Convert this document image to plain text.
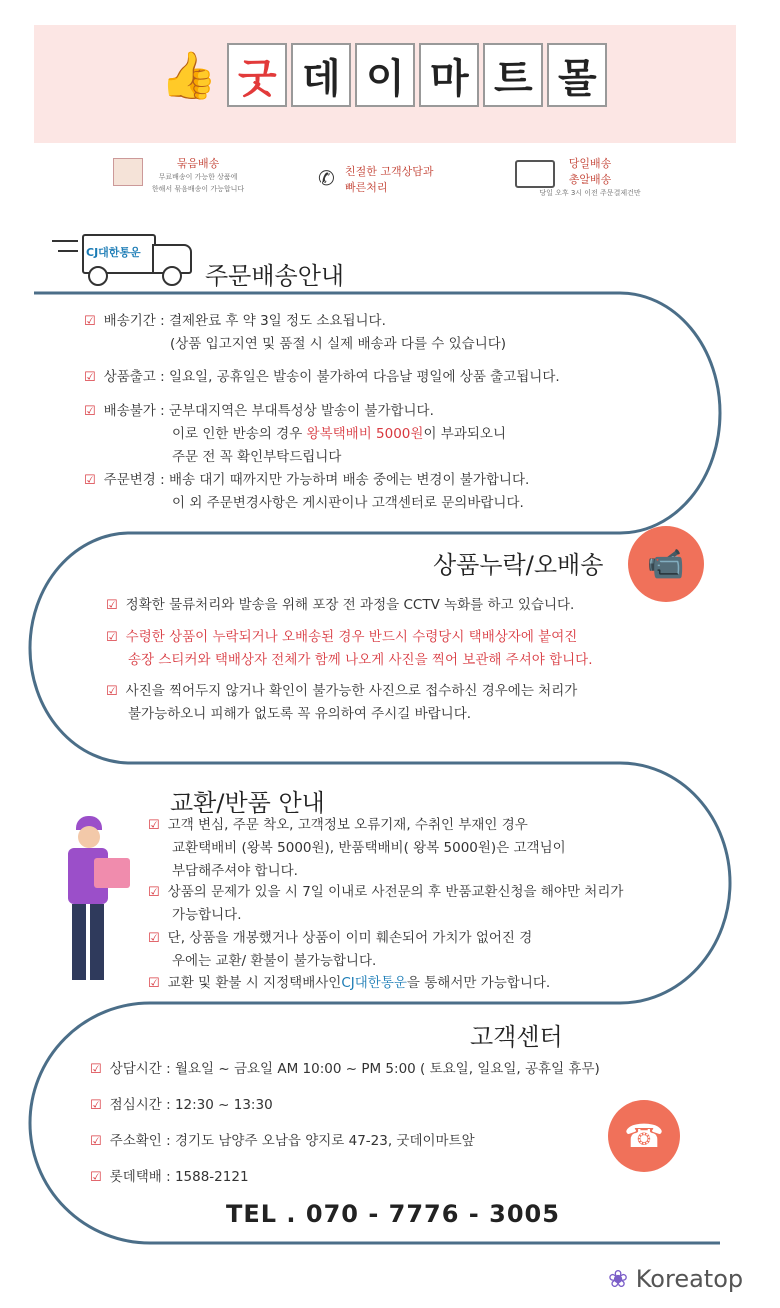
👍 굿 데 이 마 트 몰
묶음배송
무료배송이 가능한 상품에
한해서 묶음배송이 가능합니다	✆ 친절한 고객상담과
빠른처리
당일배송
총알배송
당일 오후 3시 이전 주문결제건만
CJ대한통운
주문배송안내
☑ 배송기간 : 결제완료 후 약 3일 정도 소요됩니다.
(상품 입고지연 및 품절 시 실제 배송과 다를 수 있습니다)
☑ 상품출고 : 일요일, 공휴일은 발송이 불가하여 다음날 평일에 상품 출고됩니다.
☑ 배송불가 : 군부대지역은 부대특성상 발송이 불가합니다.
이로 인한 반송의 경우 왕복택배비 5000원이 부과되오니
주문 전 꼭 확인부탁드립니다
☑ 주문변경 : 배송 대기 때까지만 가능하며 배송 중에는 변경이 불가합니다.
이 외 주문변경사항은 게시판이나 고객센터로 문의바랍니다.
상품누락/오배송	📹
☑ 정확한 물류처리와 발송을 위해 포장 전 과정을 CCTV 녹화를 하고 있습니다.
☑ 수령한 상품이 누락되거나 오배송된 경우 반드시 수령당시 택배상자에 붙여진
송장 스티커와 택배상자 전체가 함께 나오게 사진을 찍어 보관해 주셔야 합니다.
☑ 사진을 찍어두지 않거나 확인이 불가능한 사진으로 접수하신 경우에는 처리가
불가능하오니 피해가 없도록 꼭 유의하여 주시길 바랍니다.
교환/반품 안내
☑ 고객 변심, 주문 착오, 고객정보 오류기재, 수취인 부재인 경우
교환택배비 (왕복 5000원), 반품택배비( 왕복 5000원)은 고객님이
부담해주셔야 합니다.
☑ 상품의 문제가 있을 시 7일 이내로 사전문의 후 반품교환신청을 해야만 처리가
가능합니다.
☑ 단, 상품을 개봉했거나 상품이 이미 훼손되어 가치가 없어진 경
우에는 교환/ 환불이 불가능합니다.
☑ 교환 및 환불 시 지정택배사인CJ대한통운을 통해서만 가능합니다.
고객센터
☑ 상담시간 : 월요일 ~ 금요일 AM 10:00 ~ PM 5:00 ( 토요일, 일요일, 공휴일 휴무)
☑ 점심시간 : 12:30 ~ 13:30
☑ 주소확인 : 경기도 남양주 오남읍 양지로 47-23, 굿데이마트앞
☑ 롯데택배 : 1588-2121
☎
TEL . 070 - 7776 - 3005
❀ Koreatop
